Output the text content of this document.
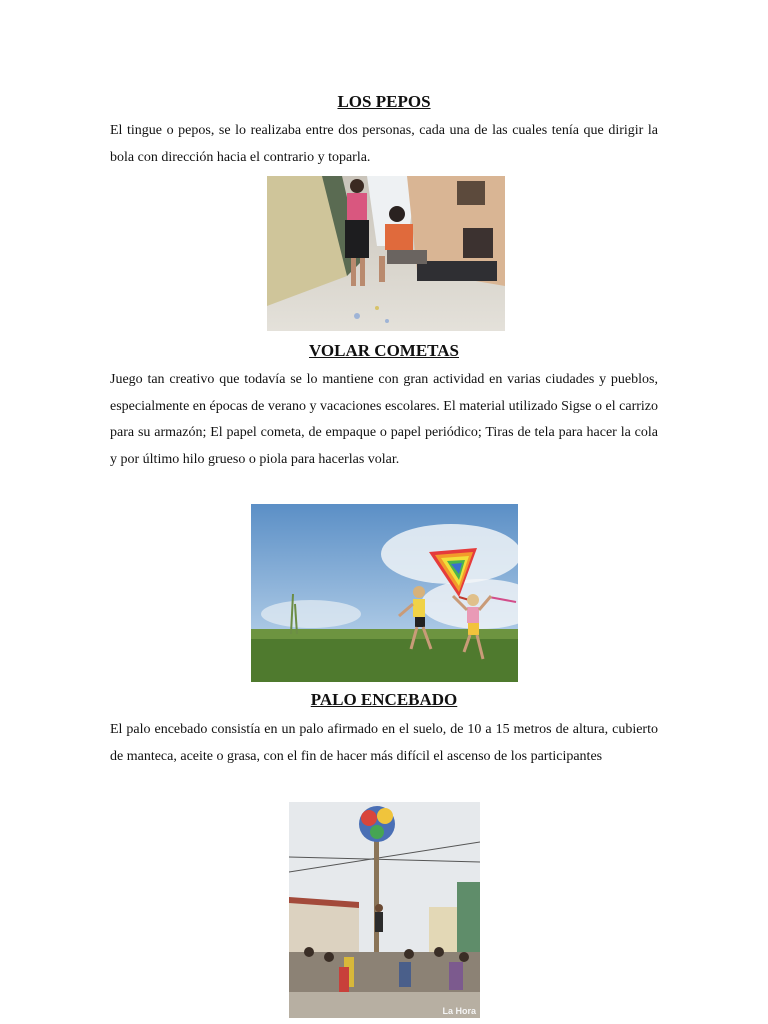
LOS PEPOS

El tingue o pepos, se lo realizaba entre dos personas, cada una de las cuales tenía que dirigir la bola con dirección hacia el contrario y toparla.

VOLAR COMETAS

Juego tan creativo que todavía se lo mantiene con gran actividad en varias ciudades y pueblos, especialmente en épocas de verano y vacaciones escolares. El material utilizado Sigse o el carrizo para su armazón; El papel cometa, de empaque o papel periódico; Tiras de tela para hacer la cola y por último hilo grueso o piola para hacerlas volar.

PALO ENCEBADO

El palo encebado consistía en un palo afirmado en el suelo, de 10 a 15 metros de altura, cubierto de manteca, aceite o grasa, con el fin de hacer más difícil el ascenso de los participantes

La Hora
